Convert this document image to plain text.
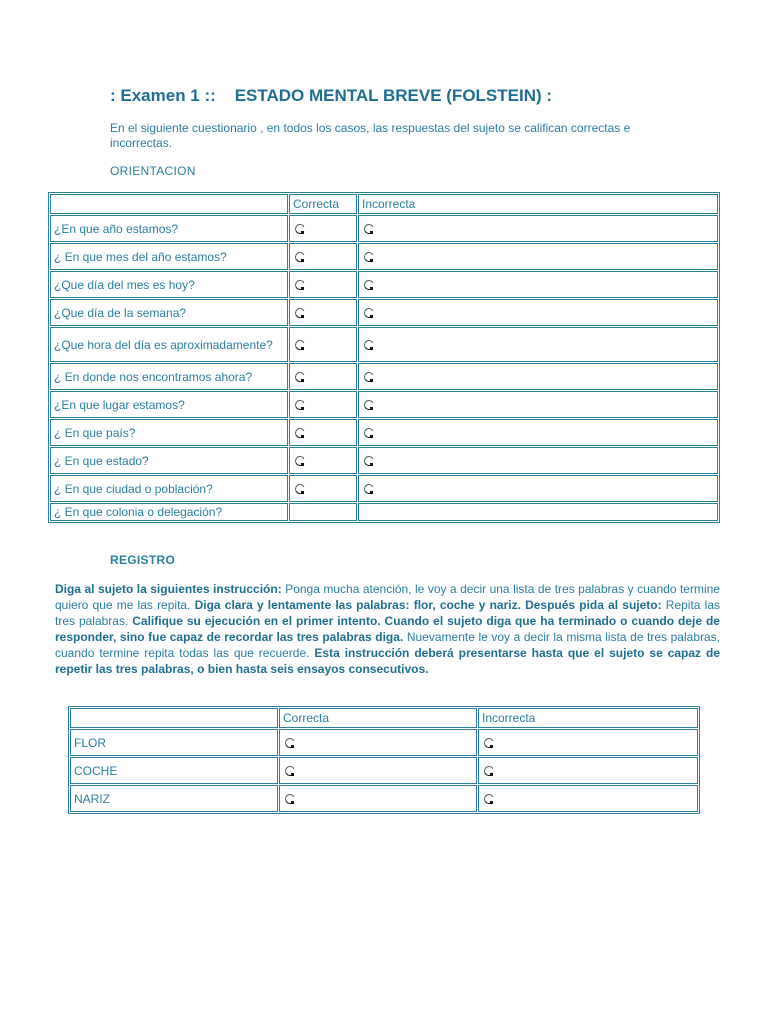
: Examen 1 ::    ESTADO MENTAL BREVE (FOLSTEIN) :
En el siguiente cuestionario , en todos los casos, las respuestas del sujeto se califican correctas e incorrectas.
ORIENTACION
	Correcta	Incorrecta
¿En que año estamos?		
¿ En que mes del año estamos?		
¿Que día del mes es hoy?		
¿Que día de la semana?		
¿Que hora del día es aproximadamente?		
¿ En donde nos encontramos ahora?		
¿En que lugar estamos?		
¿ En que país?		
¿ En que estado?		
¿ En que ciudad o población?		
¿ En que colonia o delegación?		
REGISTRO
Diga al sujeto la siguientes instrucción: Ponga mucha atención, le voy a decir una lista de tres palabras y cuando termine quiero que me las repita. Diga clara y lentamente las palabras: flor, coche y nariz. Después pida al sujeto: Repita las tres palabras. Califique su ejecución en el primer intento. Cuando el sujeto diga que ha terminado o cuando deje de responder, sino fue capaz de recordar las tres palabras diga. Nuevamente le voy a decir la misma lista de tres palabras, cuando termine repita todas las que recuerde. Esta instrucción deberá presentarse hasta que el sujeto se capaz de repetir las tres palabras, o bien hasta seis ensayos consecutivos.
	Correcta	Incorrecta
FLOR		
COCHE		
NARIZ		
